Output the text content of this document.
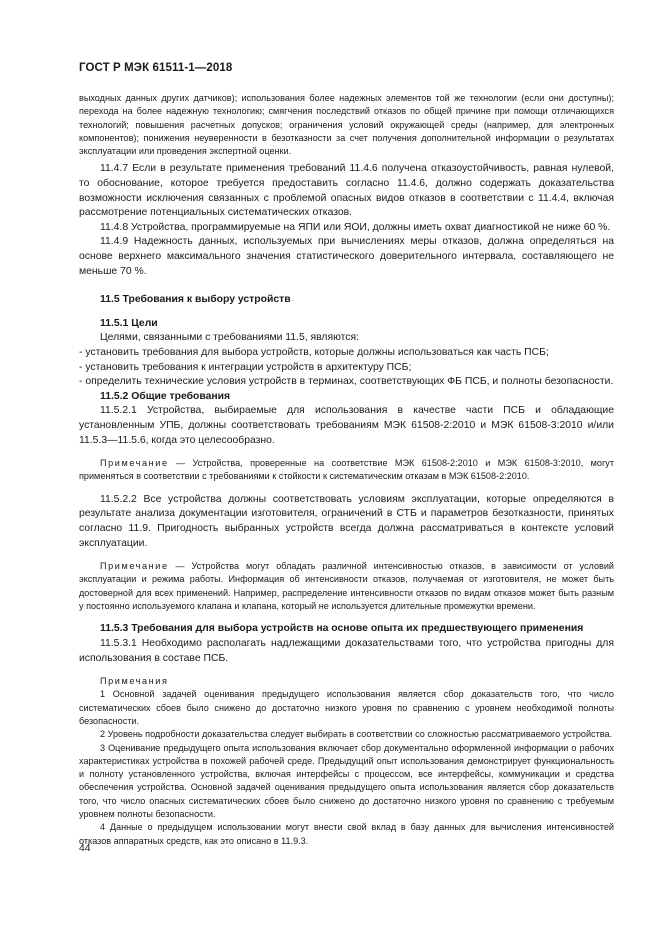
ГОСТ Р МЭК 61511-1—2018

выходных данных других датчиков); использования более надежных элементов той же технологии (если они доступны); перехода на более надежную технологию; смягчения последствий отказов по общей причине при помощи отличающихся технологий; повышения расчетных допусков; ограничения условий окружающей среды (например, для электронных компонентов); понижения неуверенности в безотказности за счет получения дополнительной информации о результатах эксплуатации или проведения экспертной оценки.

11.4.7 Если в результате применения требований 11.4.6 получена отказоустойчивость, равная нулевой, то обоснование, которое требуется предоставить согласно 11.4.6, должно содержать доказательства возможности исключения связанных с проблемой опасных видов отказов в соответствии с 11.4.4, включая рассмотрение потенциальных систематических отказов.

11.4.8 Устройства, программируемые на ЯПИ или ЯОИ, должны иметь охват диагностикой не ниже 60 %.

11.4.9 Надежность данных, используемых при вычислениях меры отказов, должна определяться на основе верхнего максимального значения статистического доверительного интервала, составляющего не меньше 70 %.

11.5 Требования к выбору устройств

11.5.1 Цели

Целями, связанными с требованиями 11.5, являются:

- установить требования для выбора устройств, которые должны использоваться как часть ПСБ;

- установить требования к интеграции устройств в архитектуру ПСБ;

- определить технические условия устройств в терминах, соответствующих ФБ ПСБ, и полноты безопасности.

11.5.2 Общие требования

11.5.2.1 Устройства, выбираемые для использования в качестве части ПСБ и обладающие установленным УПБ, должны соответствовать требованиям МЭК 61508-2:2010 и МЭК 61508-3:2010 и/или 11.5.3—11.5.6, когда это целесообразно.

Примечание — Устройства, проверенные на соответствие МЭК 61508-2:2010 и МЭК 61508-3:2010, могут применяться в соответствии с требованиями к стойкости к систематическим отказам в МЭК 61508-2:2010.

11.5.2.2 Все устройства должны соответствовать условиям эксплуатации, которые определяются в результате анализа документации изготовителя, ограничений в СТБ и параметров безотказности, принятых согласно 11.9. Пригодность выбранных устройств всегда должна рассматриваться в контексте условий эксплуатации.

Примечание — Устройства могут обладать различной интенсивностью отказов, в зависимости от условий эксплуатации и режима работы. Информация об интенсивности отказов, получаемая от изготовителя, не может быть достоверной для всех применений. Например, распределение интенсивности отказов по видам отказов может быть разным у постоянно используемого клапана и клапана, который не используется длительные промежутки времени.

11.5.3 Требования для выбора устройств на основе опыта их предшествующего применения

11.5.3.1 Необходимо располагать надлежащими доказательствами того, что устройства пригодны для использования в составе ПСБ.

Примечания

1 Основной задачей оценивания предыдущего использования является сбор доказательств того, что число систематических сбоев было снижено до достаточно низкого уровня по сравнению с уровнем необходимой полноты безопасности.

2 Уровень подробности доказательства следует выбирать в соответствии со сложностью рассматриваемого устройства.

3 Оценивание предыдущего опыта использования включает сбор документально оформленной информации о рабочих характеристиках устройства в похожей рабочей среде. Предыдущий опыт использования демонстрирует функциональность и полноту установленного устройства, включая интерфейсы с процессом, все интерфейсы, коммуникации и средства обеспечения устройства. Основной задачей оценивания предыдущего опыта использования является сбор доказательств того, что число опасных систематических сбоев было снижено до достаточно низкого уровня по сравнению с требуемым уровнем полноты безопасности.

4 Данные о предыдущем использовании могут внести свой вклад в базу данных для вычисления интенсивностей отказов аппаратных средств, как это описано в 11.9.3.

44
